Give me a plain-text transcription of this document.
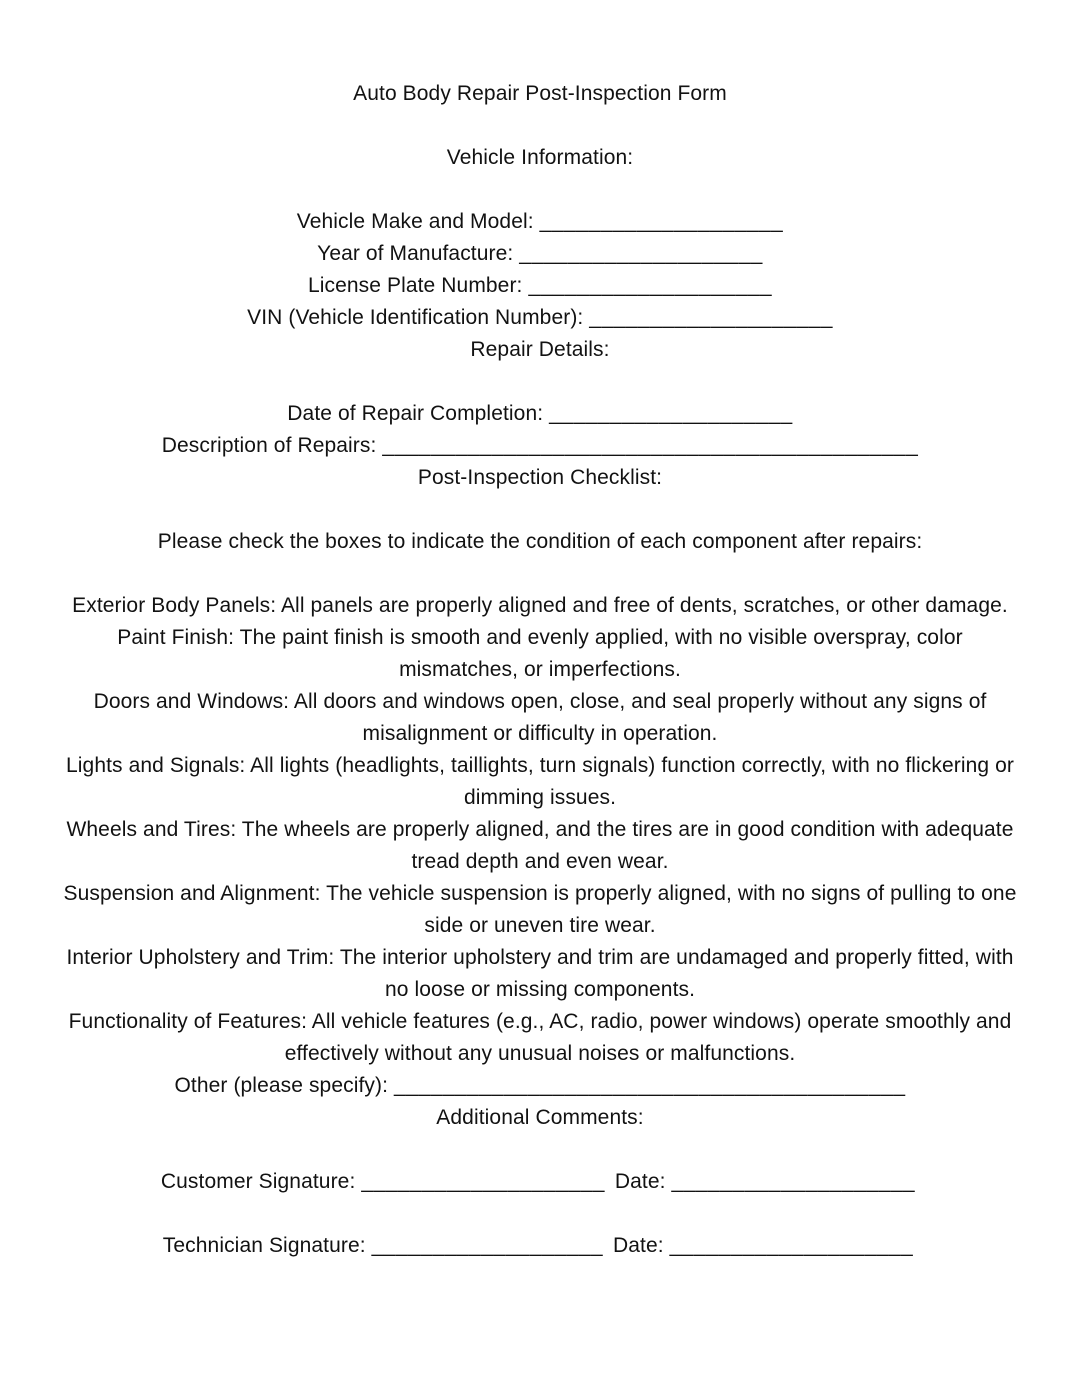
Auto Body Repair Post-Inspection Form
Vehicle Information:
Vehicle Make and Model: ____________________
Year of Manufacture: ____________________
License Plate Number: ____________________
VIN (Vehicle Identification Number): ____________________
Repair Details:
Date of Repair Completion: ____________________
Description of Repairs: ____________________________________________
Post-Inspection Checklist:
Please check the boxes to indicate the condition of each component after repairs:
Exterior Body Panels: All panels are properly aligned and free of dents, scratches, or other damage.
Paint Finish: The paint finish is smooth and evenly applied, with no visible overspray, color mismatches, or imperfections.
Doors and Windows: All doors and windows open, close, and seal properly without any signs of misalignment or difficulty in operation.
Lights and Signals: All lights (headlights, taillights, turn signals) function correctly, with no flickering or dimming issues.
Wheels and Tires: The wheels are properly aligned, and the tires are in good condition with adequate tread depth and even wear.
Suspension and Alignment: The vehicle suspension is properly aligned, with no signs of pulling to one side or uneven tire wear.
Interior Upholstery and Trim: The interior upholstery and trim are undamaged and properly fitted, with no loose or missing components.
Functionality of Features: All vehicle features (e.g., AC, radio, power windows) operate smoothly and effectively without any unusual noises or malfunctions.
Other (please specify): __________________________________________
Additional Comments:
Customer Signature: ____________________ Date: ____________________
Technician Signature: ___________________ Date: ____________________
